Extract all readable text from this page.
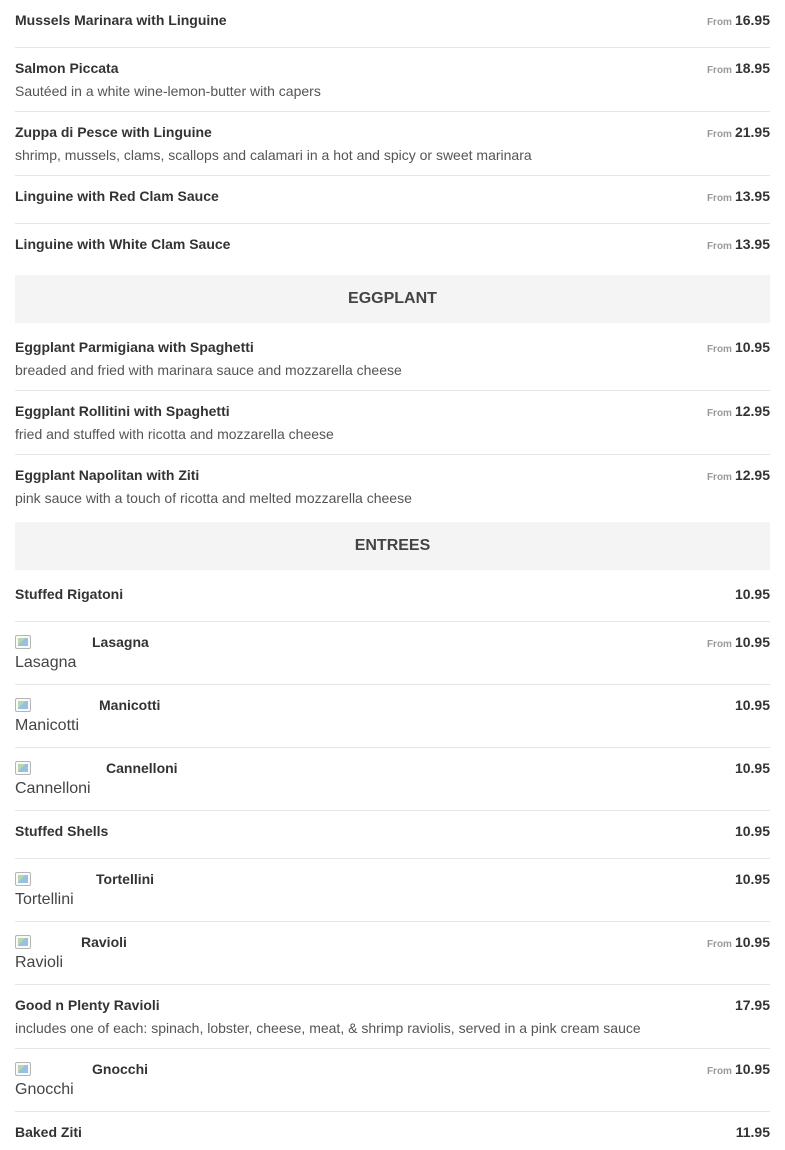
Mussels Marinara with Linguine	From 16.95
Salmon Piccata	From 18.95
Sautéed in a white wine-lemon-butter with capers
Zuppa di Pesce with Linguine	From 21.95
shrimp, mussels, clams, scallops and calamari in a hot and spicy or sweet marinara
Linguine with Red Clam Sauce	From 13.95
Linguine with White Clam Sauce	From 13.95
EGGPLANT
Eggplant Parmigiana with Spaghetti	From 10.95
breaded and fried with marinara sauce and mozzarella cheese
Eggplant Rollitini with Spaghetti	From 12.95
fried and stuffed with ricotta and mozzarella cheese
Eggplant Napolitan with Ziti	From 12.95
pink sauce with a touch of ricotta and melted mozzarella cheese
ENTREES
Stuffed Rigatoni	10.95
Lasagna
Lasagna	From 10.95
Manicotti
Manicotti	10.95
Cannelloni
Cannelloni	10.95
Stuffed Shells	10.95
Tortellini
Tortellini	10.95
Ravioli
Ravioli	From 10.95
Good n Plenty Ravioli	17.95
includes one of each: spinach, lobster, cheese, meat, & shrimp raviolis, served in a pink cream sauce
Gnocchi
Gnocchi	From 10.95
Baked Ziti	11.95
